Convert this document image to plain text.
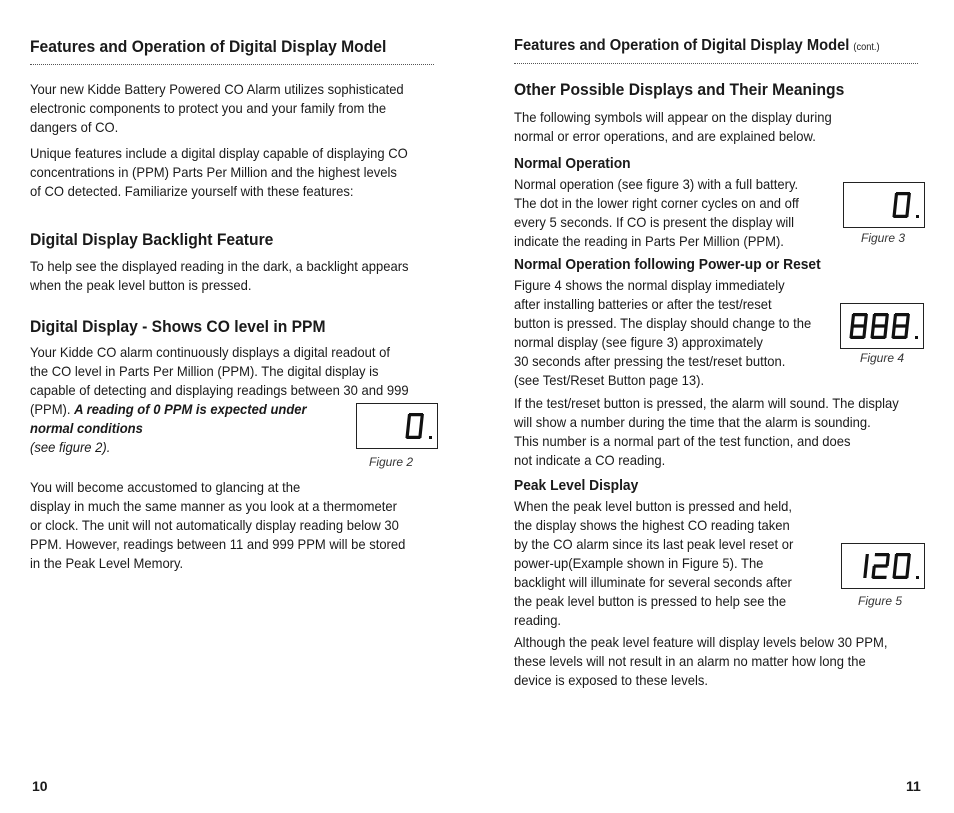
Features and Operation of Digital Display Model

Your new Kidde Battery Powered CO Alarm utilizes sophisticated
electronic components to protect you and your family from the
dangers of CO.

Unique features include a digital display capable of displaying CO
concentrations in (PPM) Parts Per Million and the highest levels
of CO detected. Familiarize yourself with these features:

Digital Display Backlight Feature

To help see the displayed reading in the dark, a backlight appears
when the peak level button is pressed.

Digital Display - Shows CO level in PPM

Your Kidde CO alarm continuously displays a digital readout of
the CO level in Parts Per Million (PPM). The digital display is
capable of detecting and displaying readings between 30 and 999
(PPM). A reading of 0 PPM is expected under
normal conditions
(see figure 2).

Figure 2

You will become accustomed to glancing at the
display in much the same manner as you look at a thermometer
or clock. The unit will not automatically display reading below 30
PPM. However, readings between 11 and 999 PPM will be stored
in the Peak Level Memory.

10
Features and Operation of Digital Display Model (cont.)
Other Possible Displays and Their Meanings

The following symbols will appear on the display during
normal or error operations, and are explained below.

Normal Operation

Normal operation (see figure 3) with a full battery.
The dot in the lower right corner cycles on and off
every 5 seconds. If CO is present the display will
indicate the reading in Parts Per Million (PPM).	Figure 3
Normal Operation following Power-up or Reset

Figure 4 shows the normal display immediately
after installing batteries or after the test/reset
button is pressed. The display should change to the
normal display (see figure 3) approximately
30 seconds after pressing the test/reset button.
(see Test/Reset Button page 13).

Figure 4

If the test/reset button is pressed, the alarm will sound. The display
will show a number during the time that the alarm is sounding.
This number is a normal part of the test function, and does
not indicate a CO reading.

Peak Level Display

When the peak level button is pressed and held,
the display shows the highest CO reading taken
by the CO alarm since its last peak level reset or
power-up(Example shown in Figure 5). The
backlight will illuminate for several seconds after
the peak level button is pressed to help see the
reading.

Figure 5

Although the peak level feature will display levels below 30 PPM,
these levels will not result in an alarm no matter how long the
device is exposed to these levels.

11
